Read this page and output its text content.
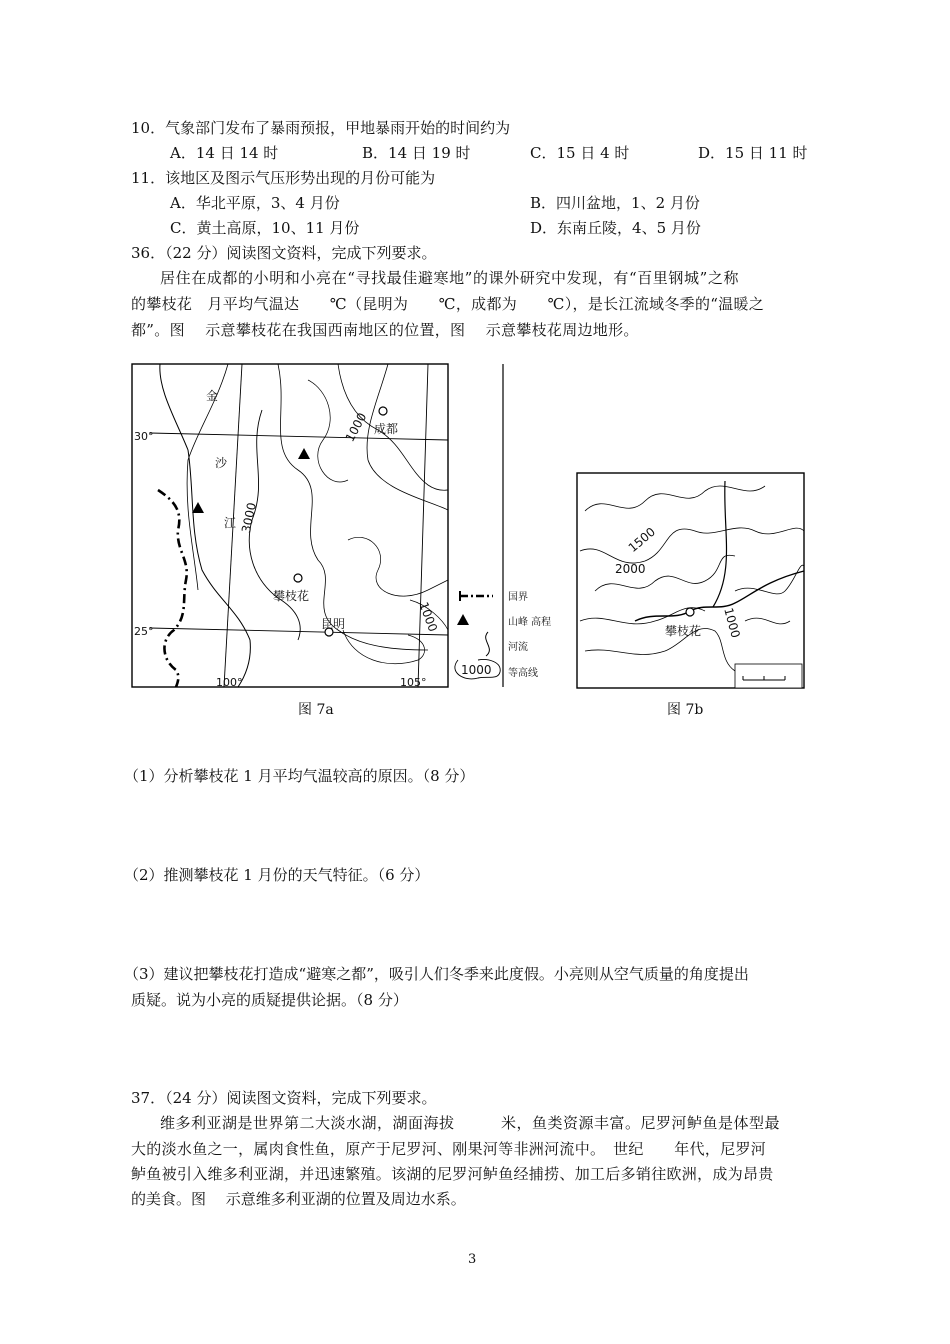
10．气象部门发布了暴雨预报，甲地暴雨开始的时间约为
A．14 日 14 时	B．14 日 19 时	C．15 日 4 时	D．15 日 11 时
11．该地区及图示气压形势出现的月份可能为
A．华北平原，3、4 月份	B．四川盆地，1、2 月份
C．黄土高原，10、11 月份	D．东南丘陵，4、5 月份
36．（22 分）阅读图文资料，完成下列要求。
居住在成都的小明和小亮在“寻找最佳避寒地”的课外研究中发现，有“百里钢城”之称
的攀枝花　月平均气温达　　℃（昆明为　　℃，成都为　　℃），是长江流域冬季的“温暖之
都”。图　 示意攀枝花在我国西南地区的位置，图　 示意攀枝花周边地形。
金
沙
江
成都
攀枝花
昆明
1000
3000
1000
30°
25°
100°	105°
国界
山峰 高程
河流
1000 等高线
图 7a
1500
2000
1000
攀枝花
图 7b
（1）分析攀枝花 1 月平均气温较高的原因。（8 分）
（2）推测攀枝花 1 月份的天气特征。（6 分）
（3）建议把攀枝花打造成“避寒之都”，吸引人们冬季来此度假。小亮则从空气质量的角度提出
质疑。说为小亮的质疑提供论据。（8 分）
37．（24 分）阅读图文资料，完成下列要求。
维多利亚湖是世界第二大淡水湖，湖面海拔　　　米，鱼类资源丰富。尼罗河鲈鱼是体型最
大的淡水鱼之一，属肉食性鱼，原产于尼罗河、刚果河等非洲河流中。　世纪　　年代，尼罗河
鲈鱼被引入维多利亚湖，并迅速繁殖。该湖的尼罗河鲈鱼经捕捞、加工后多销往欧洲，成为昂贵
的美食。图　 示意维多利亚湖的位置及周边水系。
3
